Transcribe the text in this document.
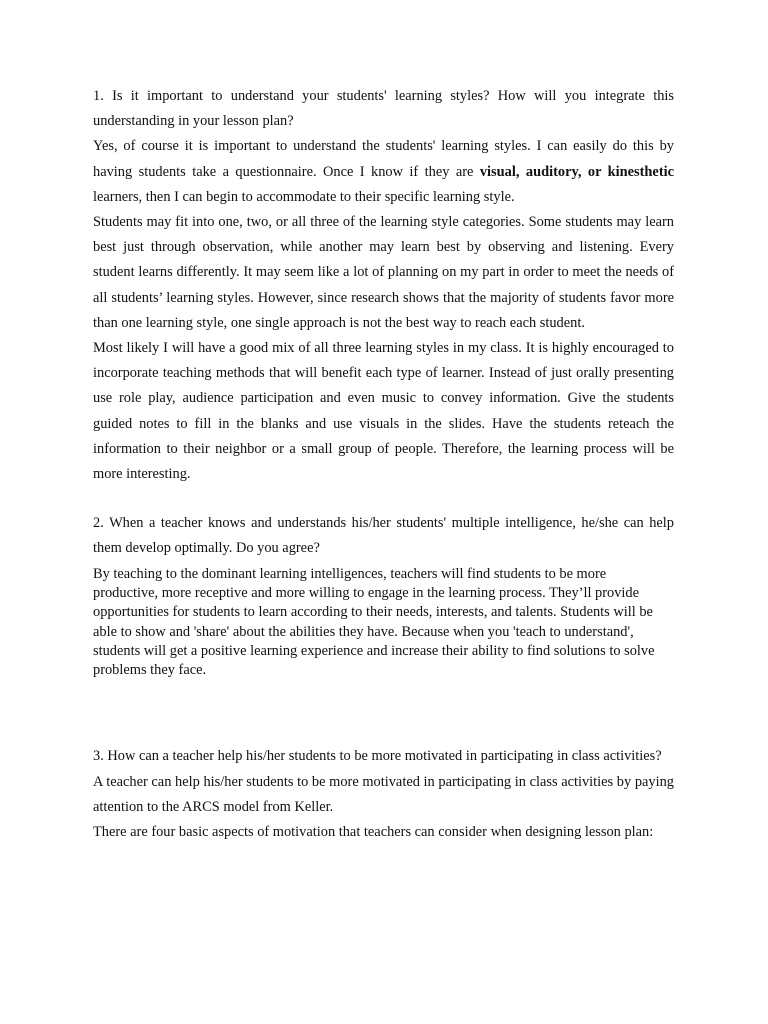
1. Is it important to understand your students' learning styles? How will you integrate this understanding in your lesson plan?

Yes, of course it is important to understand the students' learning styles. I can easily do this by having students take a questionnaire. Once I know if they are visual, auditory, or kinesthetic learners, then I can begin to accommodate to their specific learning style.

Students may fit into one, two, or all three of the learning style categories. Some students may learn best just through observation, while another may learn best by observing and listening. Every student learns differently. It may seem like a lot of planning on my part in order to meet the needs of all students’ learning styles. However, since research shows that the majority of students favor more than one learning style, one single approach is not the best way to reach each student.

Most likely I will have a good mix of all three learning styles in my class. It is highly encouraged to incorporate teaching methods that will benefit each type of learner. Instead of just orally presenting use role play, audience participation and even music to convey information. Give the students guided notes to fill in the blanks and use visuals in the slides. Have the students reteach the information to their neighbor or a small group of people. Therefore, the learning process will be more interesting.

2. When a teacher knows and understands his/her students' multiple intelligence, he/she can help them develop optimally. Do you agree?

By teaching to the dominant learning intelligences, teachers will find students to be more productive, more receptive and more willing to engage in the learning process. They’ll provide opportunities for students to learn according to their needs, interests, and talents. Students will be able to show and 'share' about the abilities they have. Because when you 'teach to understand', students will get a positive learning experience and increase their ability to find solutions to solve problems they face.

3. How can a teacher help his/her students to be more motivated in participating in class activities?

A teacher can help his/her students to be more motivated in participating in class activities by paying attention to the ARCS model from Keller.

There are four basic aspects of motivation that teachers can consider when designing lesson plan:
